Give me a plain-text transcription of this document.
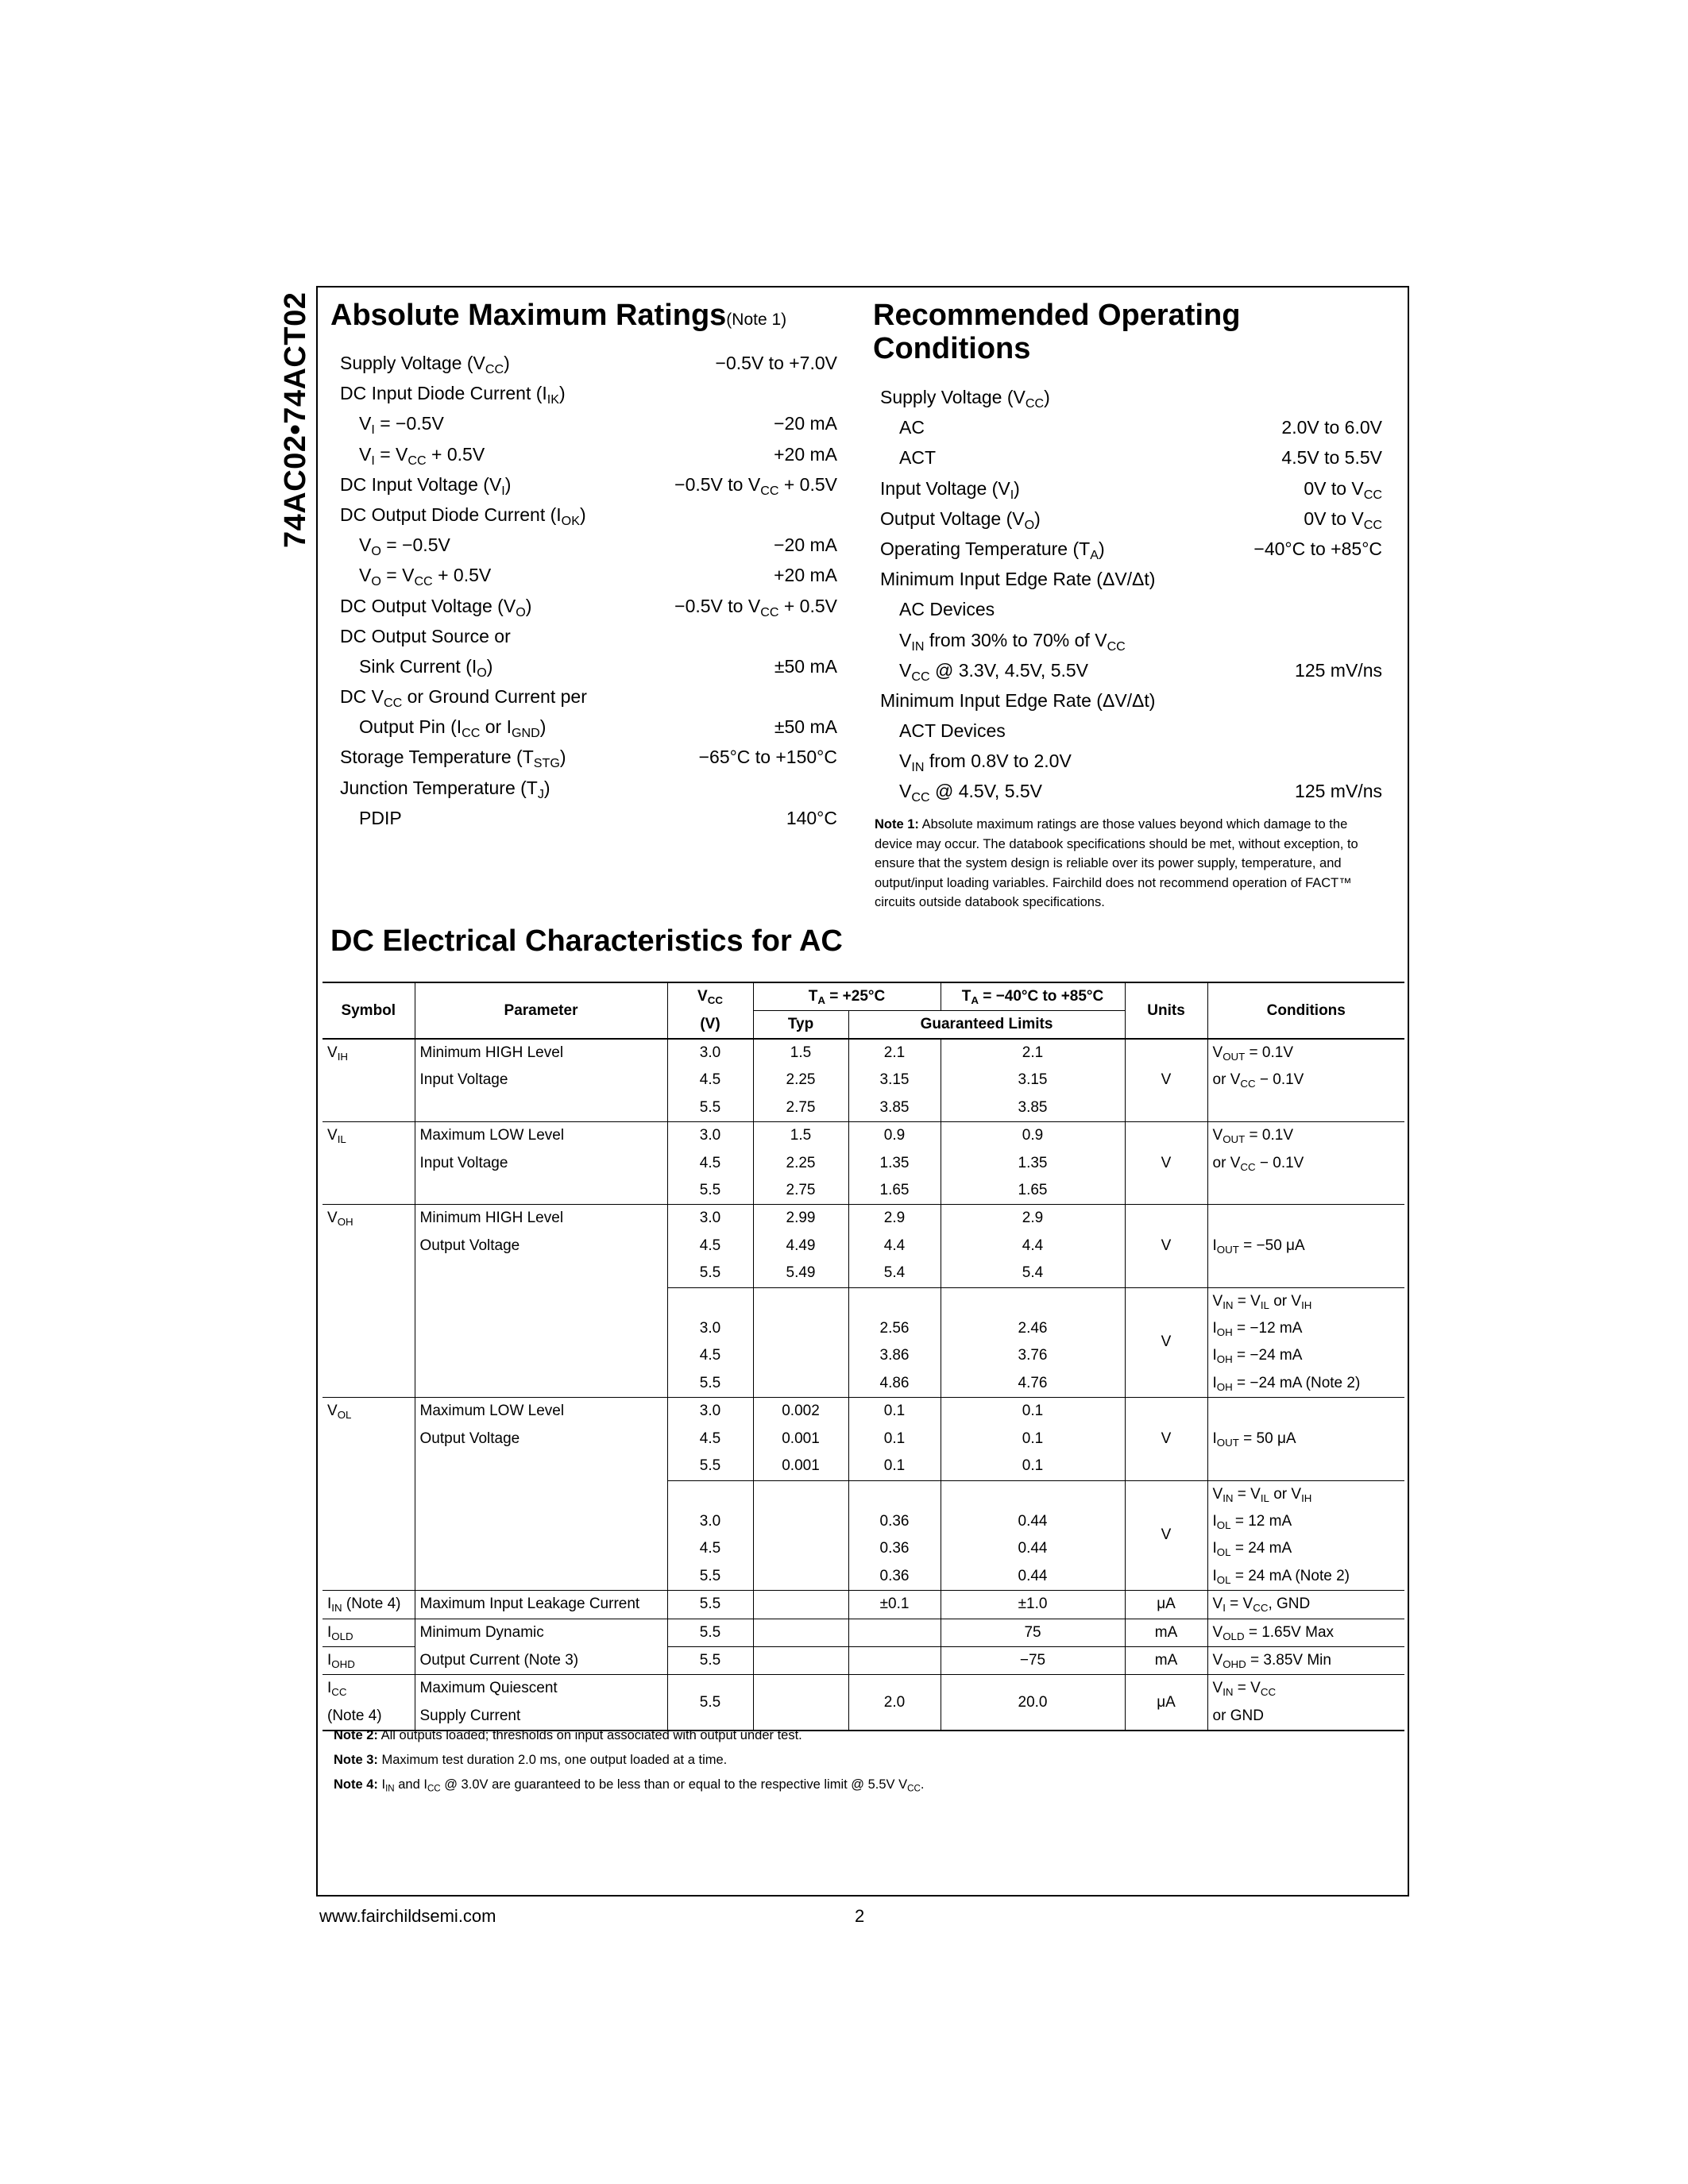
74AC02•74ACT02 Absolute Maximum Ratings(Note 1)
Supply Voltage $(V_{CC})$	−0.5V to +7.0V
DC Input Diode Current $(I_{IK})$
$V_I = -0.5V$	−20 mA
$V_I = V_{CC} + 0.5V$	+20 mA
DC Input Voltage $(V_I)$	−0.5V to $V_{CC} + 0.5V$
DC Output Diode Current $(I_{OK})$
$V_O = -0.5V$	−20 mA
$V_O = V_{CC} + 0.5V$	+20 mA
DC Output Voltage $(V_O)$	−0.5V to $V_{CC} + 0.5V$
DC Output Source or
Sink Current $(I_O)$	±50 mA
DC $V_{CC}$ or Ground Current per
Output Pin ($I_{CC}$ or $I_{GND}$)	±50 mA
Storage Temperature $(T_{STG})$	−65°C to +150°C
Junction Temperature $(T_J)$
PDIP	140°C
Recommended Operating
Conditions
Supply Voltage $(V_{CC})$
AC	2.0V to 6.0V
ACT	4.5V to 5.5V
Input Voltage $(V_I)$	0V to $V_{CC}$
Output Voltage $(V_O)$	0V to $V_{CC}$
Operating Temperature $(T_A)$	−40°C to +85°C
Minimum Input Edge Rate (ΔV/Δt)
AC Devices
$V_{IN}$ from 30% to 70% of $V_{CC}$
$V_{CC}$ @ 3.3V, 4.5V, 5.5V	125 mV/ns
Minimum Input Edge Rate (ΔV/Δt)
ACT Devices
$V_{IN}$ from 0.8V to 2.0V
$V_{CC}$ @ 4.5V, 5.5V	125 mV/ns
Note 1: Absolute maximum ratings are those values beyond which damage to the device may occur. The databook specifications should be met, without exception, to ensure that the system design is reliable over its power supply, temperature, and output/input loading variables. Fairchild does not recommend operation of FACT™ circuits outside databook specifications.
DC Electrical Characteristics for AC
Symbol	Parameter	$V_{CC}$	$T_A = +25^\circ C$		$T_A = -40^\circ C$ to +85°C	Units	Conditions
		(V)	Typ	Guaranteed Limits			
$V_{IH}$	Minimum HIGH Level	3.0	1.5	2.1	2.1	V	$V_{OUT} = 0.1V$
	Input Voltage	4.5	2.25	3.15	3.15		or $V_{CC} - 0.1V$
		5.5	2.75	3.85	3.85		
$V_{IL}$	Maximum LOW Level	3.0	1.5	0.9	0.9	V	$V_{OUT} = 0.1V$
	Input Voltage	4.5	2.25	1.35	1.35		or $V_{CC} - 0.1V$
		5.5	2.75	1.65	1.65		
$V_{OH}$	Minimum HIGH Level	3.0	2.99	2.9	2.9	V	
	Output Voltage	4.5	4.49	4.4	4.4		$I_{OUT} = -50$ μA
		5.5	5.49	5.4	5.4		
						V	$V_{IN} = V_{IL}$ or $V_{IH}$
		3.0		2.56	2.46		$I_{OH} = -12$ mA
		4.5		3.86	3.76		$I_{OH} = -24$ mA
		5.5		4.86	4.76		$I_{OH} = -24$ mA (Note 2)
$V_{OL}$	Maximum LOW Level	3.0	0.002	0.1	0.1	V	
	Output Voltage	4.5	0.001	0.1	0.1		$I_{OUT} = 50$ μA
		5.5	0.001	0.1	0.1		
						V	$V_{IN} = V_{IL}$ or $V_{IH}$
		3.0		0.36	0.44		$I_{OL} = 12$ mA
		4.5		0.36	0.44		$I_{OL} = 24$ mA
		5.5		0.36	0.44		$I_{OL} = 24$ mA (Note 2)
$I_{IN}$ (Note 4)	Maximum Input Leakage Current	5.5		±0.1	±1.0	μA	$V_I = V_{CC}$, GND
$I_{OLD}$	Minimum Dynamic	5.5			75	mA	$V_{OLD} = 1.65V$ Max
$I_{OHD}$	Output Current (Note 3)	5.5			−75	mA	$V_{OHD} = 3.85V$ Min
$I_{CC}$	Maximum Quiescent	5.5		2.0	20.0	μA	$V_{IN} = V_{CC}$
(Note 4)	Supply Current						or GND
Note 2: All outputs loaded; thresholds on input associated with output under test.
Note 3: Maximum test duration 2.0 ms, one output loaded at a time.
Note 4: $I_{IN}$ and $I_{CC}$ @ 3.0V are guaranteed to be less than or equal to the respective limit @ 5.5V $V_{CC}$.
www.fairchildsemi.com	2
